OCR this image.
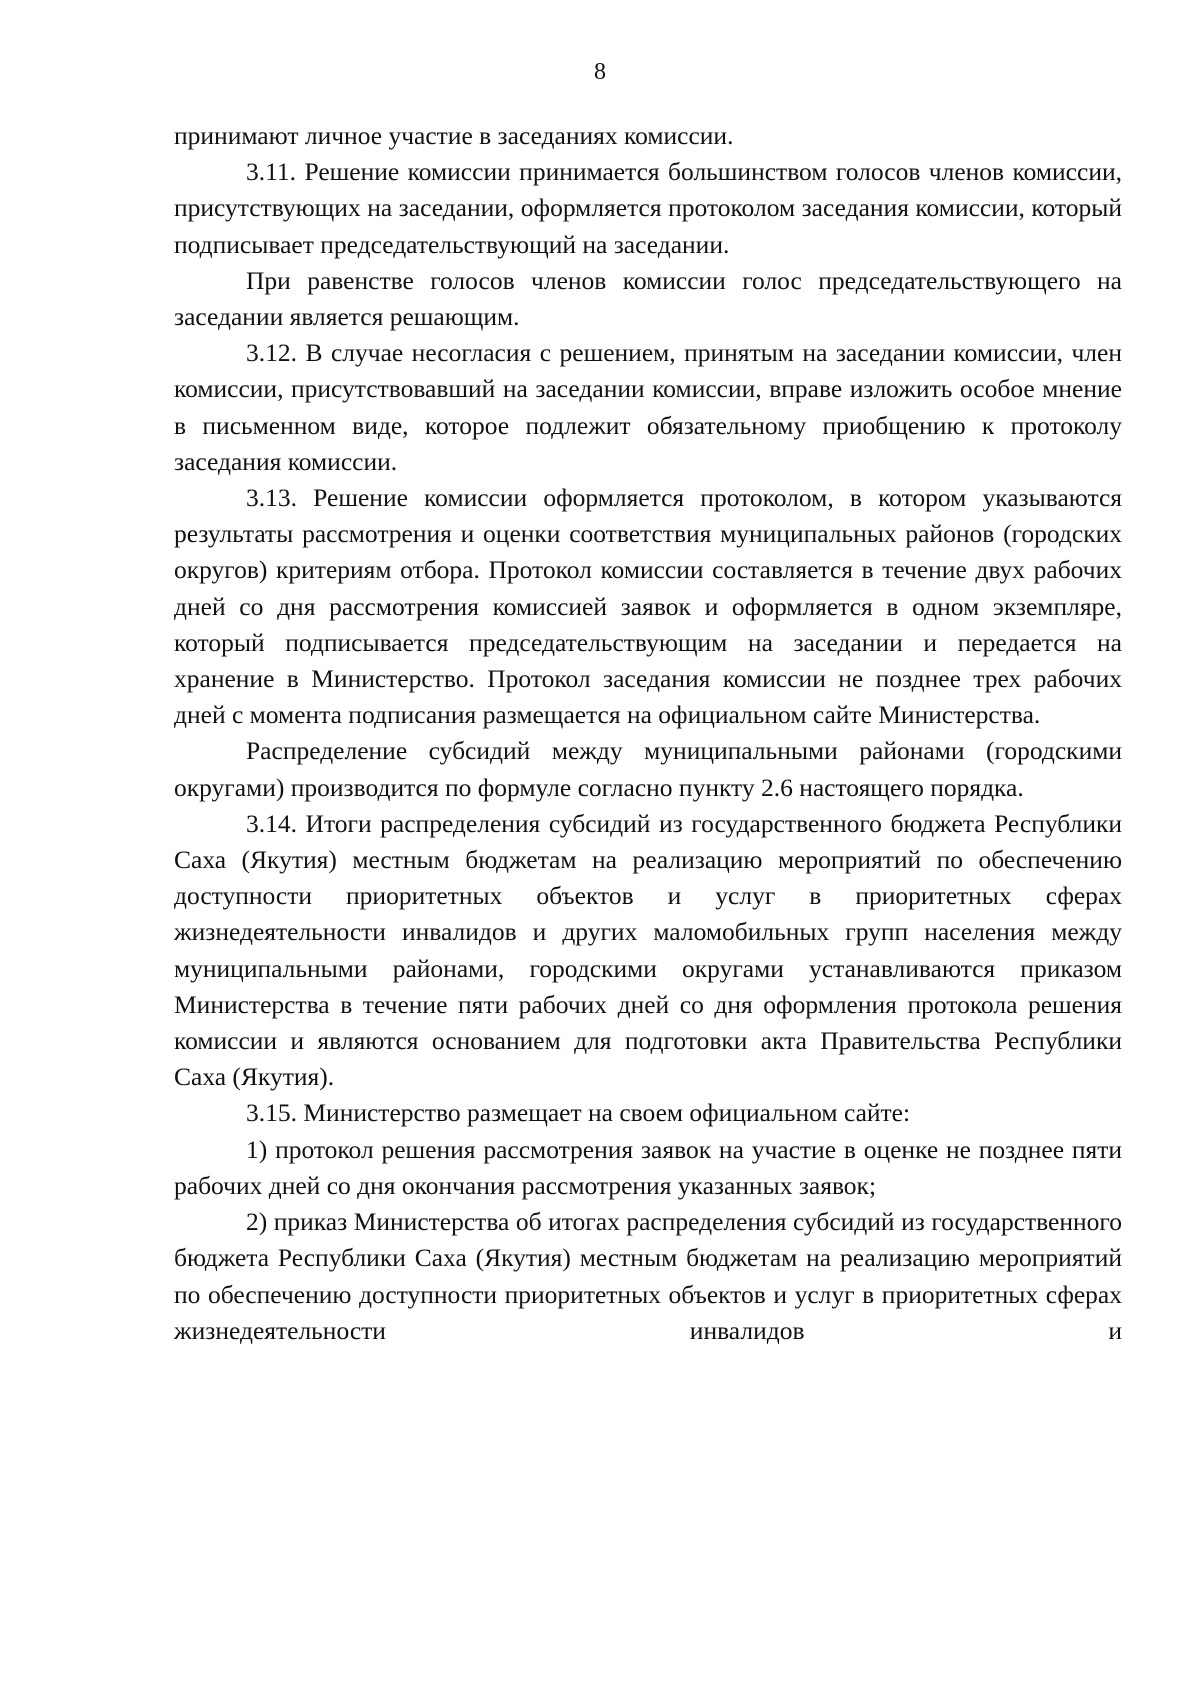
8

принимают личное участие в заседаниях комиссии.

3.11. Решение комиссии принимается большинством голосов членов комиссии, присутствующих на заседании, оформляется протоколом заседания комиссии, который подписывает председательствующий на заседании.

При равенстве голосов членов комиссии голос председательствующего на заседании является решающим.

3.12. В случае несогласия с решением, принятым на заседании комиссии, член комиссии, присутствовавший на заседании комиссии, вправе изложить особое мнение в письменном виде, которое подлежит обязательному приобщению к протоколу заседания комиссии.

3.13. Решение комиссии оформляется протоколом, в котором указываются результаты рассмотрения и оценки соответствия муниципальных районов (городских округов) критериям отбора. Протокол комиссии составляется в течение двух рабочих дней со дня рассмотрения комиссией заявок и оформляется в одном экземпляре, который подписывается председательствующим на заседании и передается на хранение в Министерство. Протокол заседания комиссии не позднее трех рабочих дней с момента подписания размещается на официальном сайте Министерства.

Распределение субсидий между муниципальными районами (городскими округами) производится по формуле согласно пункту 2.6 настоящего порядка.

3.14. Итоги распределения субсидий из государственного бюджета Республики Саха (Якутия) местным бюджетам на реализацию мероприятий по обеспечению доступности приоритетных объектов и услуг в приоритетных сферах жизнедеятельности инвалидов и других маломобильных групп населения между муниципальными районами, городскими округами устанавливаются приказом Министерства в течение пяти рабочих дней со дня оформления протокола решения комиссии и являются основанием для подготовки акта Правительства Республики Саха (Якутия).

3.15. Министерство размещает на своем официальном сайте:

1) протокол решения рассмотрения заявок на участие в оценке не позднее пяти рабочих дней со дня окончания рассмотрения указанных заявок;

2) приказ Министерства об итогах распределения субсидий из государственного бюджета Республики Саха (Якутия) местным бюджетам на реализацию мероприятий по обеспечению доступности приоритетных объектов и услуг в приоритетных сферах жизнедеятельности инвалидов и
